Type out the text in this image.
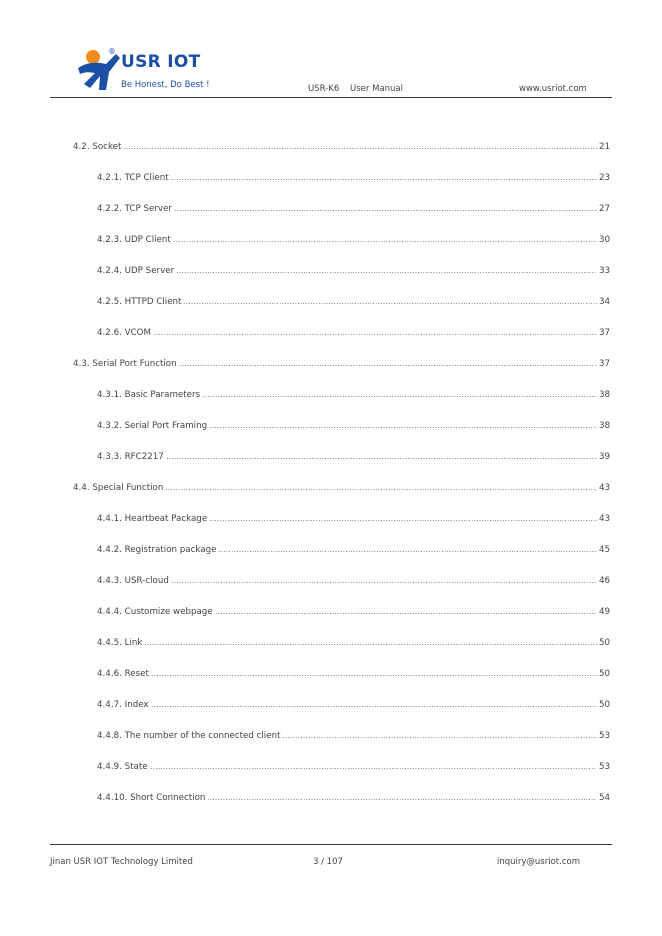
®
USR IOT
Be Honest, Do Best !	USR-K6    User Manual	www.usriot.com
4.2. Socket	21
4.2.1. TCP Client	23
4.2.2. TCP Server	27
4.2.3. UDP Client	30
4.2.4. UDP Server	33
4.2.5. HTTPD Client	34
4.2.6. VCOM	37
4.3. Serial Port Function	37
4.3.1. Basic Parameters	38
4.3.2. Serial Port Framing	38
4.3.3. RFC2217	39
4.4. Special Function	43
4.4.1. Heartbeat Package	43
4.4.2. Registration package	45
4.4.3. USR-cloud	46
4.4.4. Customize webpage	49
4.4.5. Link	50
4.4.6. Reset	50
4.4.7. Index	50
4.4.8. The number of the connected client	53
4.4.9. State	53
4.4.10. Short Connection	54
Jinan USR IOT Technology Limited	3 / 107	inquiry@usriot.com
